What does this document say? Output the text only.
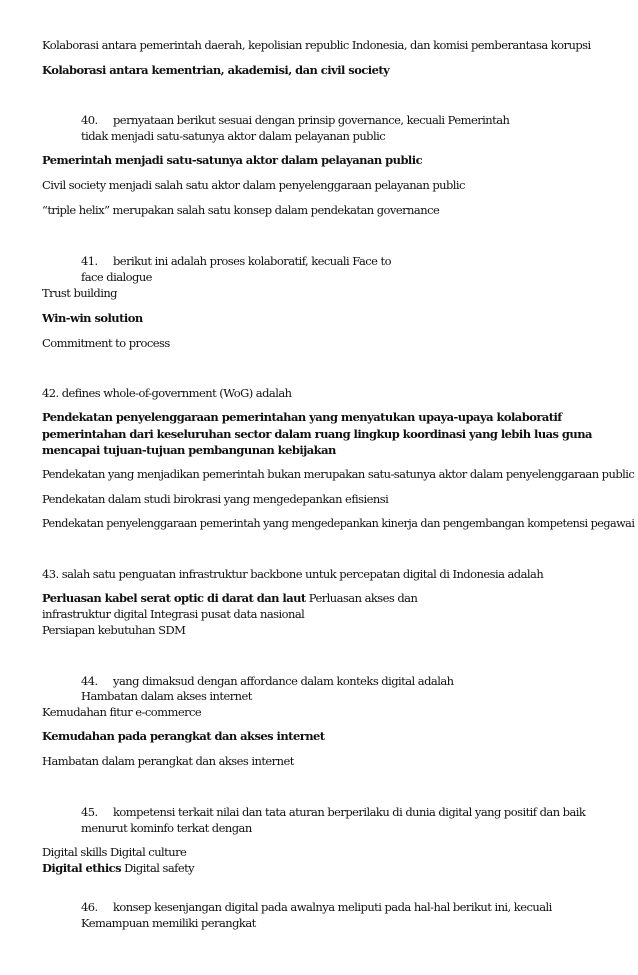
Kolaborasi antara pemerintah daerah, kepolisian republic Indonesia, dan komisi pemberantasa korupsi
Kolaborasi antara kementrian, akademisi, dan civil society
40. pernyataan berikut sesuai dengan prinsip governance, kecuali Pemerintah
tidak menjadi satu-satunya aktor dalam pelayanan public
Pemerintah menjadi satu-satunya aktor dalam pelayanan public
Civil society menjadi salah satu aktor dalam penyelenggaraan pelayanan public
“triple helix” merupakan salah satu konsep dalam pendekatan governance
41. berikut ini adalah proses kolaboratif, kecuali Face to
face dialogue
Trust building
Win-win solution
Commitment to process
42. defines whole-of-government (WoG) adalah
Pendekatan penyelenggaraan pemerintahan yang menyatukan upaya-upaya kolaboratif
pemerintahan dari keseluruhan sector dalam ruang lingkup koordinasi yang lebih luas guna
mencapai tujuan-tujuan pembangunan kebijakan
Pendekatan yang menjadikan pemerintah bukan merupakan satu-satunya aktor dalam penyelenggaraan public
Pendekatan dalam studi birokrasi yang mengedepankan efisiensi
Pendekatan penyelenggaraan pemerintah yang mengedepankan kinerja dan pengembangan kompetensi pegawai
43. salah satu penguatan infrastruktur backbone untuk percepatan digital di Indonesia adalah
Perluasan kabel serat optic di darat dan laut Perluasan akses dan
infrastruktur digital Integrasi pusat data nasional
Persiapan kebutuhan SDM
44. yang dimaksud dengan affordance dalam konteks digital adalah
Hambatan dalam akses internet
Kemudahan fitur e-commerce
Kemudahan pada perangkat dan akses internet
Hambatan dalam perangkat dan akses internet
45. kompetensi terkait nilai dan tata aturan berperilaku di dunia digital yang positif dan baik
menurut kominfo terkat dengan
Digital skills Digital culture
Digital ethics Digital safety
46. konsep kesenjangan digital pada awalnya meliputi pada hal-hal berikut ini, kecuali
Kemampuan memiliki perangkat
